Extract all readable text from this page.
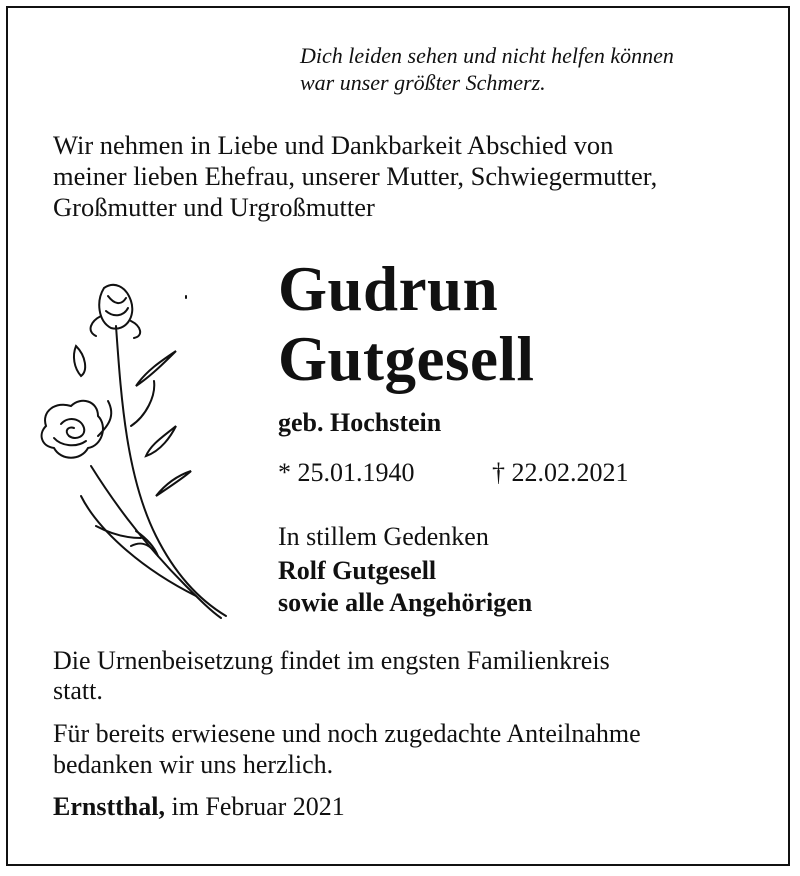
Dich leiden sehen und nicht helfen können
war unser größter Schmerz.
Wir nehmen in Liebe und Dankbarkeit Abschied von
meiner lieben Ehefrau, unserer Mutter, Schwiegermutter,
Großmutter und Urgroßmutter
Gudrun
Gutgesell
geb. Hochstein
* 25.01.1940	† 22.02.2021
In stillem Gedenken
Rolf Gutgesell
sowie alle Angehörigen
Die Urnenbeisetzung findet im engsten Familienkreis
statt.
Für bereits erwiesene und noch zugedachte Anteilnahme
bedanken wir uns herzlich.
Ernstthal, im Februar 2021
